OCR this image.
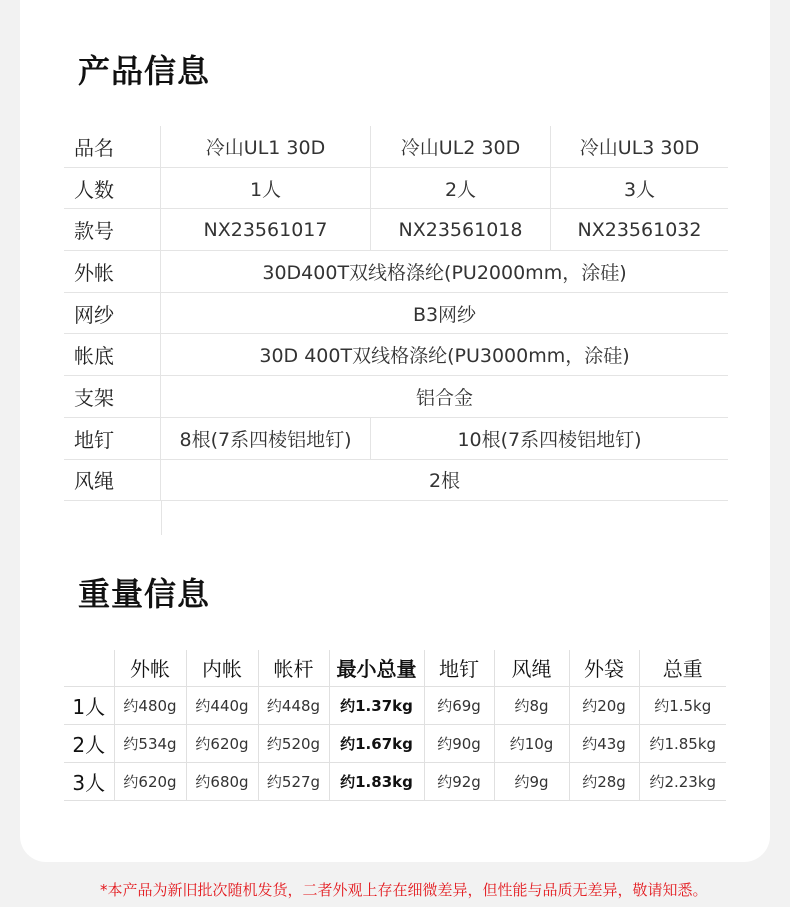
产品信息
品名	冷山UL1 30D	冷山UL2 30D	冷山UL3 30D
人数	1人	2人	3人
款号	NX23561017	NX23561018	NX23561032
外帐	30D400T双线格涤纶(PU2000mm，涂硅)
网纱	B3网纱
帐底	30D 400T双线格涤纶(PU3000mm，涂硅)
支架	铝合金
地钉	8根(7系四棱铝地钉)	10根(7系四棱铝地钉)
风绳	2根
重量信息
	外帐	内帐	帐杆	最小总量	地钉	风绳	外袋	总重
1人	约480g	约440g	约448g	约1.37kg	约69g	约8g	约20g	约1.5kg
2人	约534g	约620g	约520g	约1.67kg	约90g	约10g	约43g	约1.85kg
3人	约620g	约680g	约527g	约1.83kg	约92g	约9g	约28g	约2.23kg
*本产品为新旧批次随机发货，二者外观上存在细微差异，但性能与品质无差异，敬请知悉。
